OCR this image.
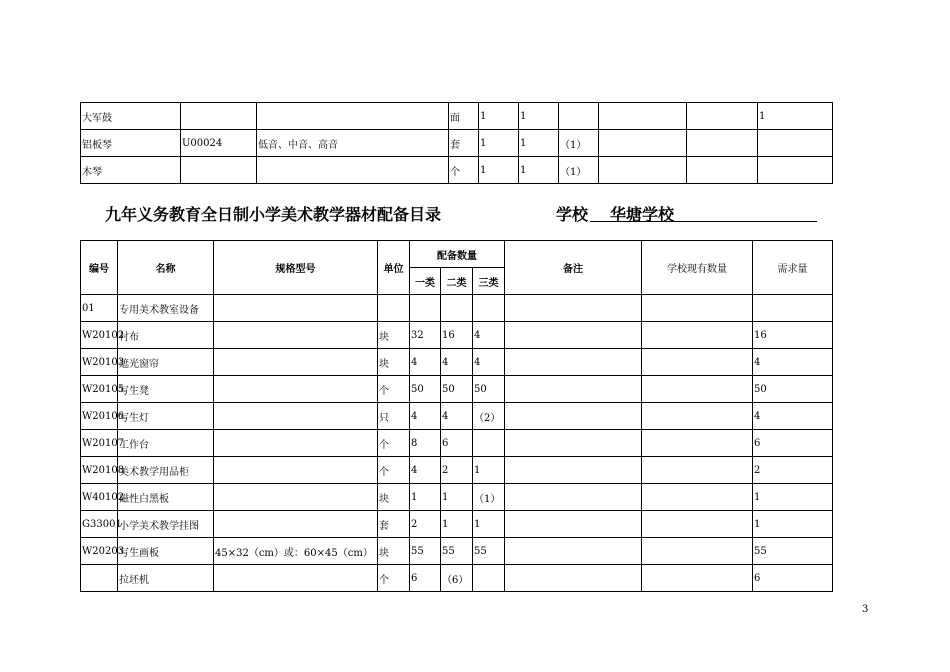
大军鼓			面	1	1				1
铝板琴	U00024	低音、中音、高音	套	1	1	（1）			
木琴			个	1	1	（1）			
九年义务教育全日制小学美术教学器材配备目录	学校	华塘学校
编号	名称	规格型号	单位	配备数量			备注	学校现有数量	需求量
				一类	二类	三类			
01	专用美术教室设备								
W20102	衬布		块	32	16	4			16
W20103	遮光窗帘		块	4	4	4			4
W20105	写生凳		个	50	50	50			50
W20106	写生灯		只	4	4	（2）			4
W20107	工作台		个	8	6				6
W20108	美术教学用品柜		个	4	2	1			2
W40102	磁性白黑板		块	1	1	（1）			1
G33001	小学美术教学挂图		套	2	1	1			1
W20203	写生画板	45×32（cm）或：60×45（cm）	块	55	55	55			55
	拉坯机		个	6	（6）				6
3
